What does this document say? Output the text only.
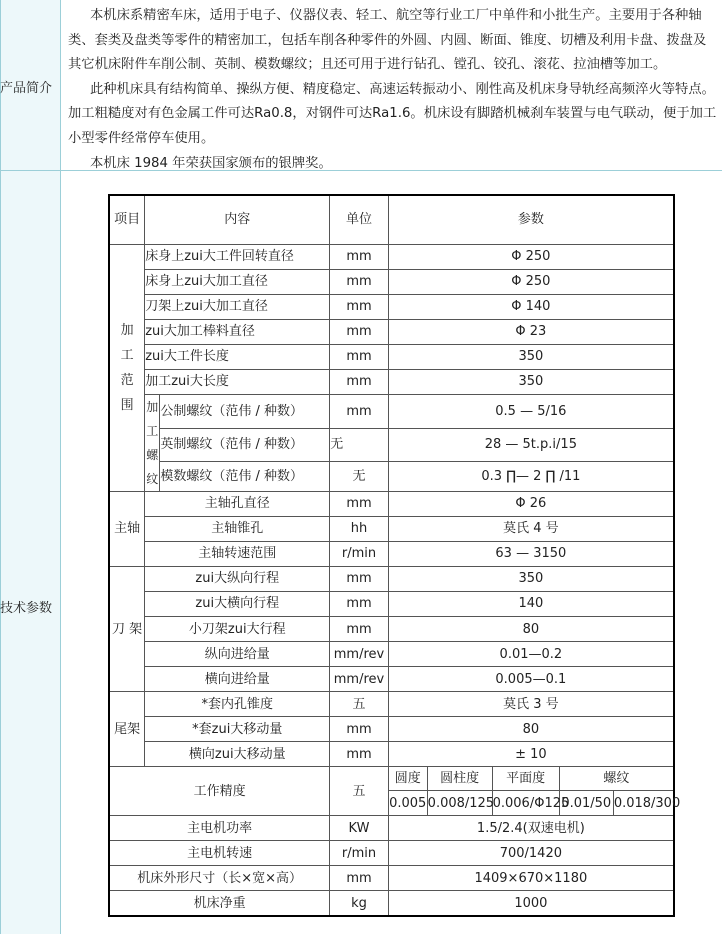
产品简介
技术参数

本机床系精密车床，适用于电子、仪器仪表、轻工、航空等行业工厂中单件和小批生产。主要用于各种轴类、套类及盘类等零件的精密加工，包括车削各种零件的外圆、内圆、断面、锥度、切槽及利用卡盘、拨盘及其它机床附件车削公制、英制、模数螺纹；且还可用于进行钻孔、镗孔、铰孔、滚花、拉油槽等加工。

此种机床具有结构简单、操纵方便、精度稳定、高速运转振动小、刚性高及机床身导轨经高频淬火等特点。加工粗糙度对有色金属工件可达Ra0.8，对钢件可达Ra1.6。机床设有脚踏机械刹车装置与电气联动，便于加工小型零件经常停车使用。

本机床 1984 年荣获国家颁布的银牌奖。

项目	内容		单位	参数				
加工范围	床身上zui大工件回转直径		mm	Φ 250				
	床身上zui大加工直径		mm	Φ 250				
	刀架上zui大加工直径		mm	Φ 140				
	zui大加工棒料直径		mm	Φ 23				
	zui大工件长度		mm	350				
	加工zui大长度		mm	350				
	加工螺纹	公制螺纹（范伟 / 种数）	mm	0.5 — 5/16				
		英制螺纹（范伟 / 种数）	无	28 — 5t.p.i/15				
		模数螺纹（范伟 / 种数）	无	0.3 ∏— 2 ∏ /11				
主轴	主轴孔直径		mm	Φ 26				
	主轴锥孔		hh	莫氏 4 号				
	主轴转速范围		r/min	63 — 3150				
刀 架	zui大纵向行程		mm	350				
	zui大横向行程		mm	140				
	小刀架zui大行程		mm	80				
	纵向进给量		mm/rev	0.01—0.2				
	横向进给量		mm/rev	0.005—0.1				
尾架	*套内孔锥度		五	莫氏 3 号				
	*套zui大移动量		mm	80				
	横向zui大移动量		mm	± 10				
工作精度			五	圆度	圆柱度	平面度	螺纹	
				0.005	0.008/125	0.006/Φ125	0.01/50	0.018/300
主电机功率			KW	1.5/2.4(双速电机)				
主电机转速			r/min	700/1420				
机床外形尺寸（长×宽×高）			mm	1409×670×1180				
机床净重			kg	1000				
